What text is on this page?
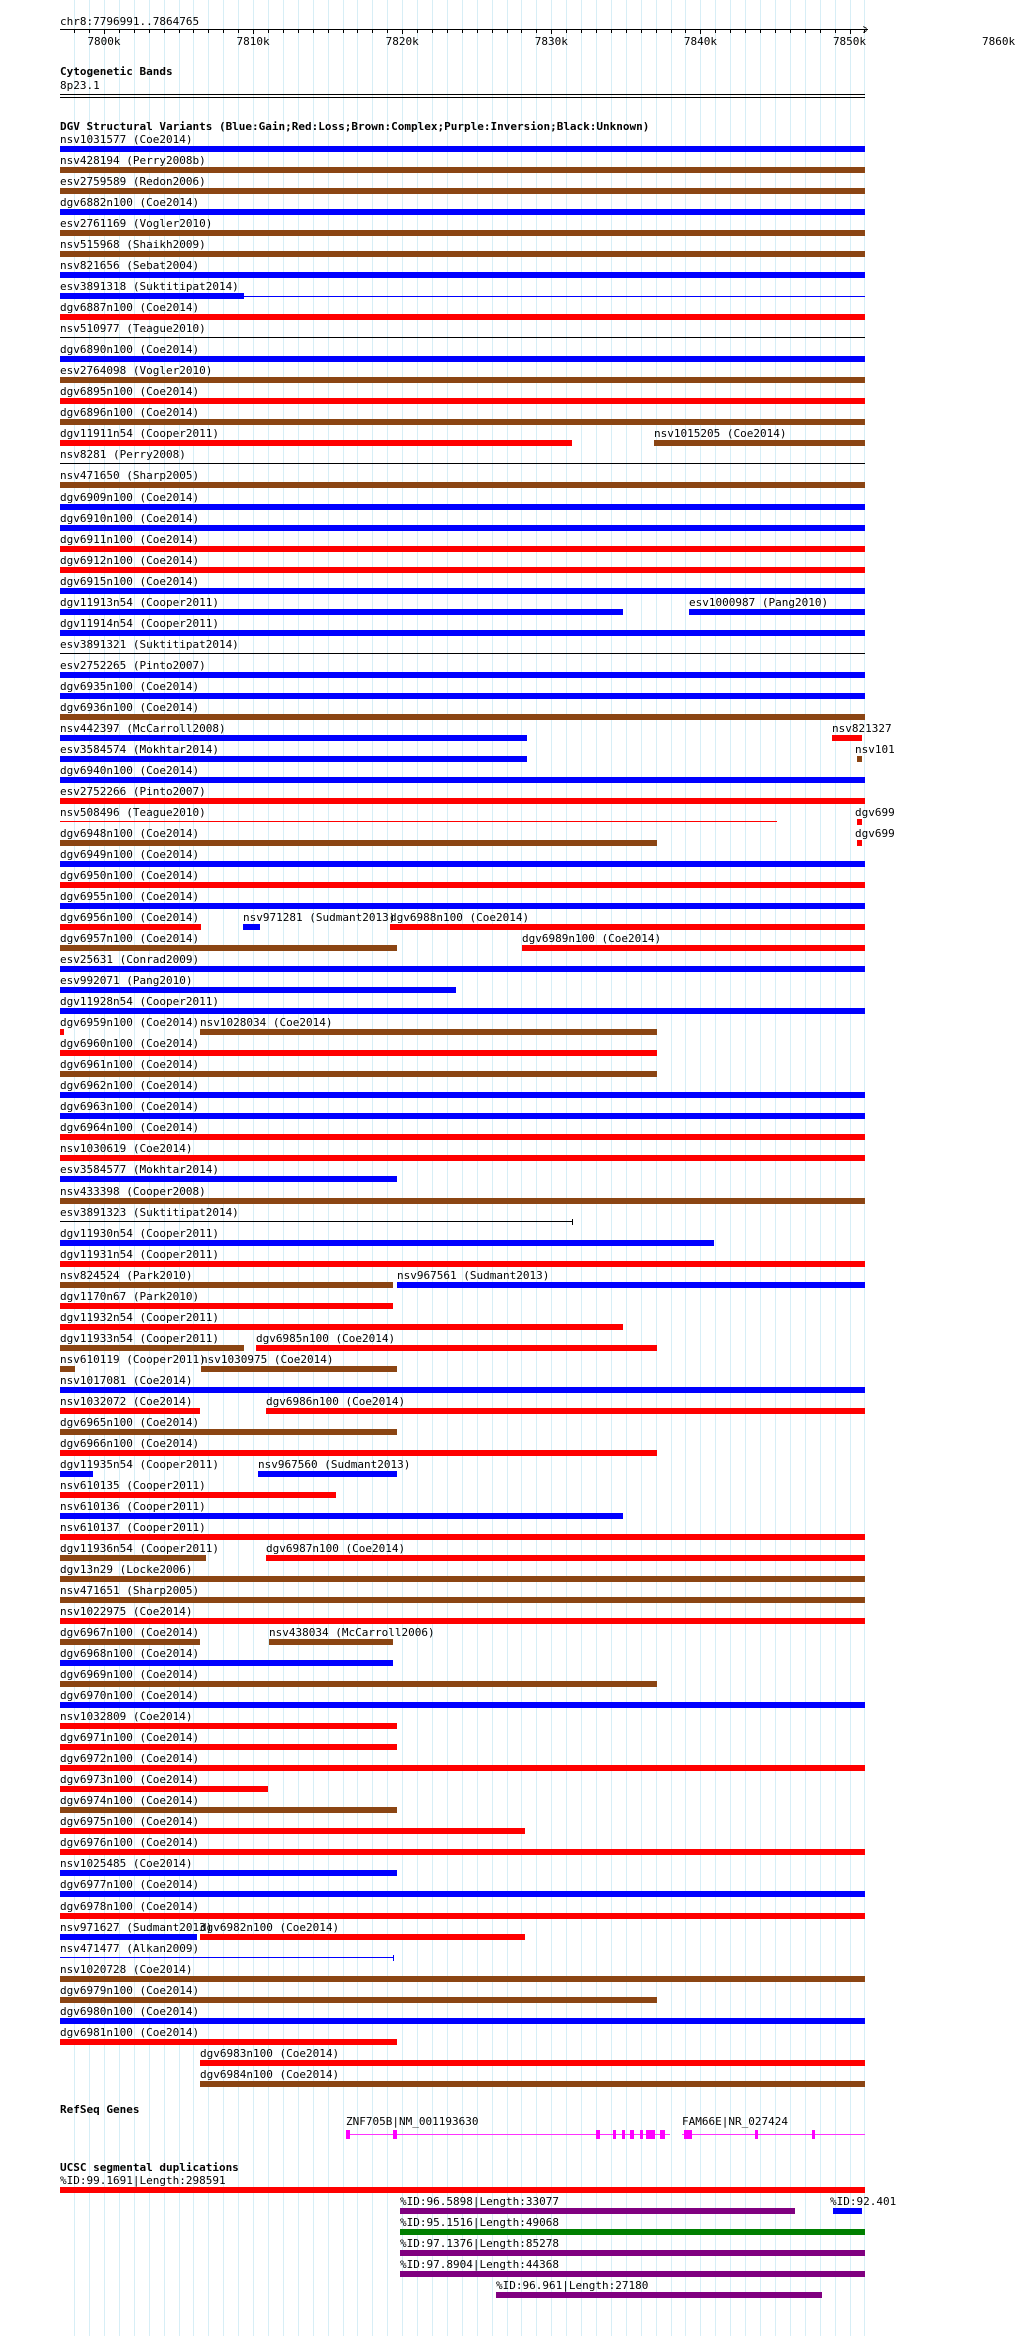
chr8:7796991..7864765
Cytogenetic Bands
8p23.1
DGV Structural Variants (Blue:Gain;Red:Loss;Brown:Complex;Purple:Inversion;Black:Unknown)
RefSeq Genes
UCSC segmental duplications
7800k	7810k	7820k	7830k	7840k	7850k	7860k
nsv1031577 (Coe2014)
nsv428194 (Perry2008b)
esv2759589 (Redon2006)
dgv6882n100 (Coe2014)
esv2761169 (Vogler2010)
nsv515968 (Shaikh2009)
nsv821656 (Sebat2004)
esv3891318 (Suktitipat2014)
dgv6887n100 (Coe2014)
nsv510977 (Teague2010)
dgv6890n100 (Coe2014)
esv2764098 (Vogler2010)
dgv6895n100 (Coe2014)
dgv6896n100 (Coe2014)
dgv11911n54 (Cooper2011)	nsv1015205 (Coe2014)
nsv8281 (Perry2008)
nsv471650 (Sharp2005)
dgv6909n100 (Coe2014)
dgv6910n100 (Coe2014)
dgv6911n100 (Coe2014)
dgv6912n100 (Coe2014)
dgv6915n100 (Coe2014)
dgv11913n54 (Cooper2011)	esv1000987 (Pang2010)
dgv11914n54 (Cooper2011)
esv3891321 (Suktitipat2014)
esv2752265 (Pinto2007)
dgv6935n100 (Coe2014)
dgv6936n100 (Coe2014)
nsv442397 (McCarroll2008)	nsv821327
esv3584574 (Mokhtar2014)	nsv101
dgv6940n100 (Coe2014)
esv2752266 (Pinto2007)
nsv508496 (Teague2010)	dgv699
dgv6948n100 (Coe2014)	dgv699
dgv6949n100 (Coe2014)
dgv6950n100 (Coe2014)
dgv6955n100 (Coe2014)
dgv6956n100 (Coe2014)	nsv971281 (Sudmant2013)
dgv6988n100 (Coe2014)
dgv6957n100 (Coe2014)	dgv6989n100 (Coe2014)
esv25631 (Conrad2009)
esv992071 (Pang2010)
dgv11928n54 (Cooper2011)
dgv6959n100 (Coe2014) nsv1028034 (Coe2014)
dgv6960n100 (Coe2014)
dgv6961n100 (Coe2014)
dgv6962n100 (Coe2014)
dgv6963n100 (Coe2014)
dgv6964n100 (Coe2014)
nsv1030619 (Coe2014)
esv3584577 (Mokhtar2014)
nsv433398 (Cooper2008)
esv3891323 (Suktitipat2014)
dgv11930n54 (Cooper2011)
dgv11931n54 (Cooper2011)
nsv824524 (Park2010)	nsv967561 (Sudmant2013)
dgv1170n67 (Park2010)
dgv11932n54 (Cooper2011)
dgv11933n54 (Cooper2011)	dgv6985n100 (Coe2014)
nsv610119 (Cooper2011)
nsv1030975 (Coe2014)
nsv1017081 (Coe2014)
nsv1032072 (Coe2014)	dgv6986n100 (Coe2014)
dgv6965n100 (Coe2014)
dgv6966n100 (Coe2014)
dgv11935n54 (Cooper2011)	nsv967560 (Sudmant2013)
nsv610135 (Cooper2011)
nsv610136 (Cooper2011)
nsv610137 (Cooper2011)
dgv11936n54 (Cooper2011)	dgv6987n100 (Coe2014)
dgv13n29 (Locke2006)
nsv471651 (Sharp2005)
nsv1022975 (Coe2014)
dgv6967n100 (Coe2014)	nsv438034 (McCarroll2006)
dgv6968n100 (Coe2014)
dgv6969n100 (Coe2014)
dgv6970n100 (Coe2014)
nsv1032809 (Coe2014)
dgv6971n100 (Coe2014)
dgv6972n100 (Coe2014)
dgv6973n100 (Coe2014)
dgv6974n100 (Coe2014)
dgv6975n100 (Coe2014)
dgv6976n100 (Coe2014)
nsv1025485 (Coe2014)
dgv6977n100 (Coe2014)
dgv6978n100 (Coe2014)
nsv971627 (Sudmant2013)
dgv6982n100 (Coe2014)
nsv471477 (Alkan2009)
nsv1020728 (Coe2014)
dgv6979n100 (Coe2014)
dgv6980n100 (Coe2014)
dgv6981n100 (Coe2014)
dgv6983n100 (Coe2014)
dgv6984n100 (Coe2014)
ZNF705B|NM_001193630	FAM66E|NR_027424
%ID:99.1691|Length:298591
%ID:96.5898|Length:33077	%ID:92.401
%ID:95.1516|Length:49068
%ID:97.1376|Length:85278
%ID:97.8904|Length:44368
%ID:96.961|Length:27180
